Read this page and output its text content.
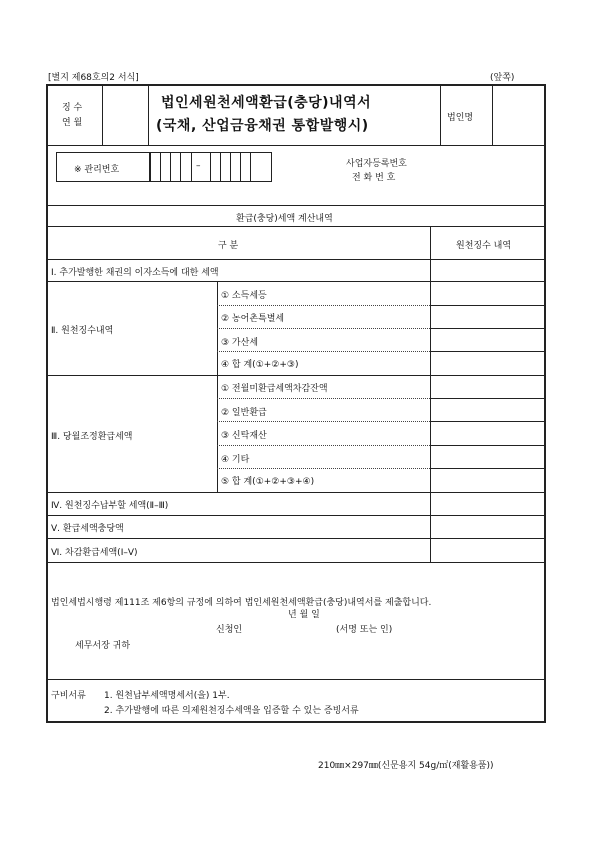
[별지 제68호의2 서식]	(앞쪽)
징 수
연 월
법인세원천세액환급(충당)내역서
(국채, 산업금융채권 통합발행시)	법인명
※ 관리번호	–	사업자등록번호
전 화 번 호
환급(충당)세액 계산내역
구 분	원천징수 내역
Ⅰ. 추가발행한 채권의 이자소득에 대한 세액
Ⅱ. 원천징수내역
① 소득세등
② 농어촌특별세
③ 가산세
④ 합 계(①+②+③)
Ⅲ. 당월조정환급세액
① 전월미환급세액차감잔액
② 일반환급
③ 신탁재산
④ 기타
⑤ 합 계(①+②+③+④)
Ⅳ. 원천징수납부할 세액(Ⅱ–Ⅲ)
Ⅴ. 환급세액충당액
Ⅵ. 차감환급세액(Ⅰ–Ⅴ)
법인세법시행령 제111조 제6항의 규정에 의하여 법인세원천세액환급(충당)내역서를 제출합니다.
년 월 일
신청인	(서명 또는 인)
세무서장 귀하
구비서류 1. 원천납부세액명세서(을) 1부.
2. 추가발행에 따른 의제원천징수세액을 입증할 수 있는 증빙서류
210㎜×297㎜(신문용지 54g/㎡(재활용품))
